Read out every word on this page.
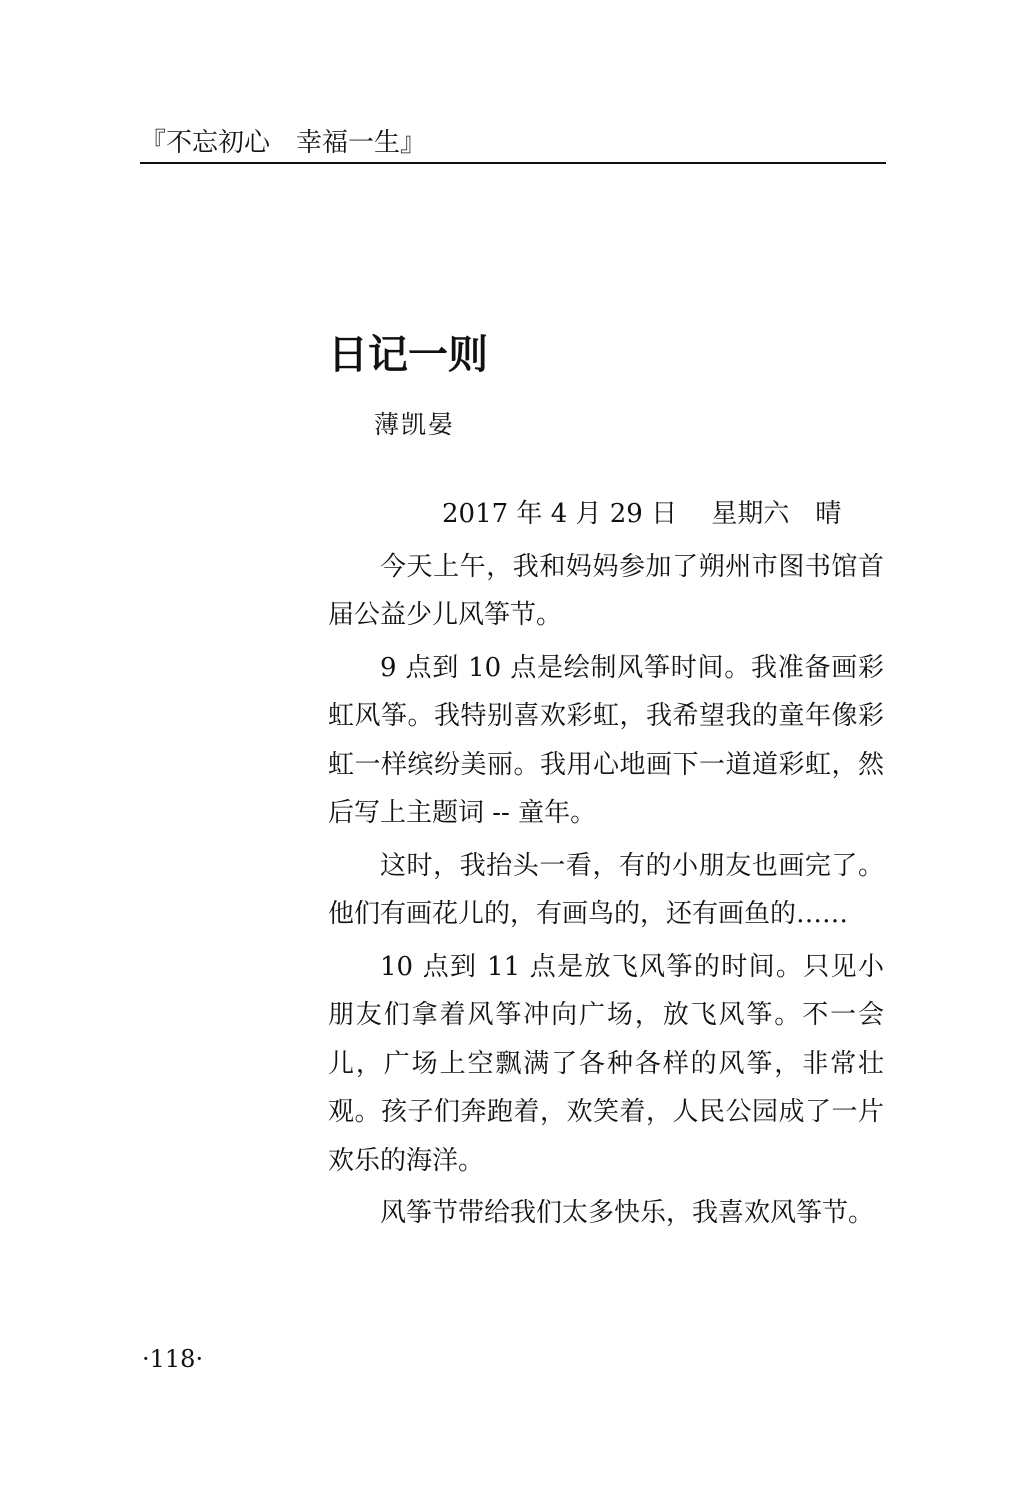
『不忘初心　幸福一生』
日记一则
薄凯晏

2017 年 4 月 29 日　 星期六　晴

今天上午，我和妈妈参加了朔州市图书馆首届公益少儿风筝节。

9 点到 10 点是绘制风筝时间。我准备画彩虹风筝。我特别喜欢彩虹，我希望我的童年像彩虹一样缤纷美丽。我用心地画下一道道彩虹，然后写上主题词 -- 童年。

这时，我抬头一看，有的小朋友也画完了。他们有画花儿的，有画鸟的，还有画鱼的……

10 点到 11 点是放飞风筝的时间。只见小朋友们拿着风筝冲向广场，放飞风筝。不一会儿，广场上空飘满了各种各样的风筝，非常壮观。孩子们奔跑着，欢笑着，人民公园成了一片欢乐的海洋。

风筝节带给我们太多快乐，我喜欢风筝节。

·118·
